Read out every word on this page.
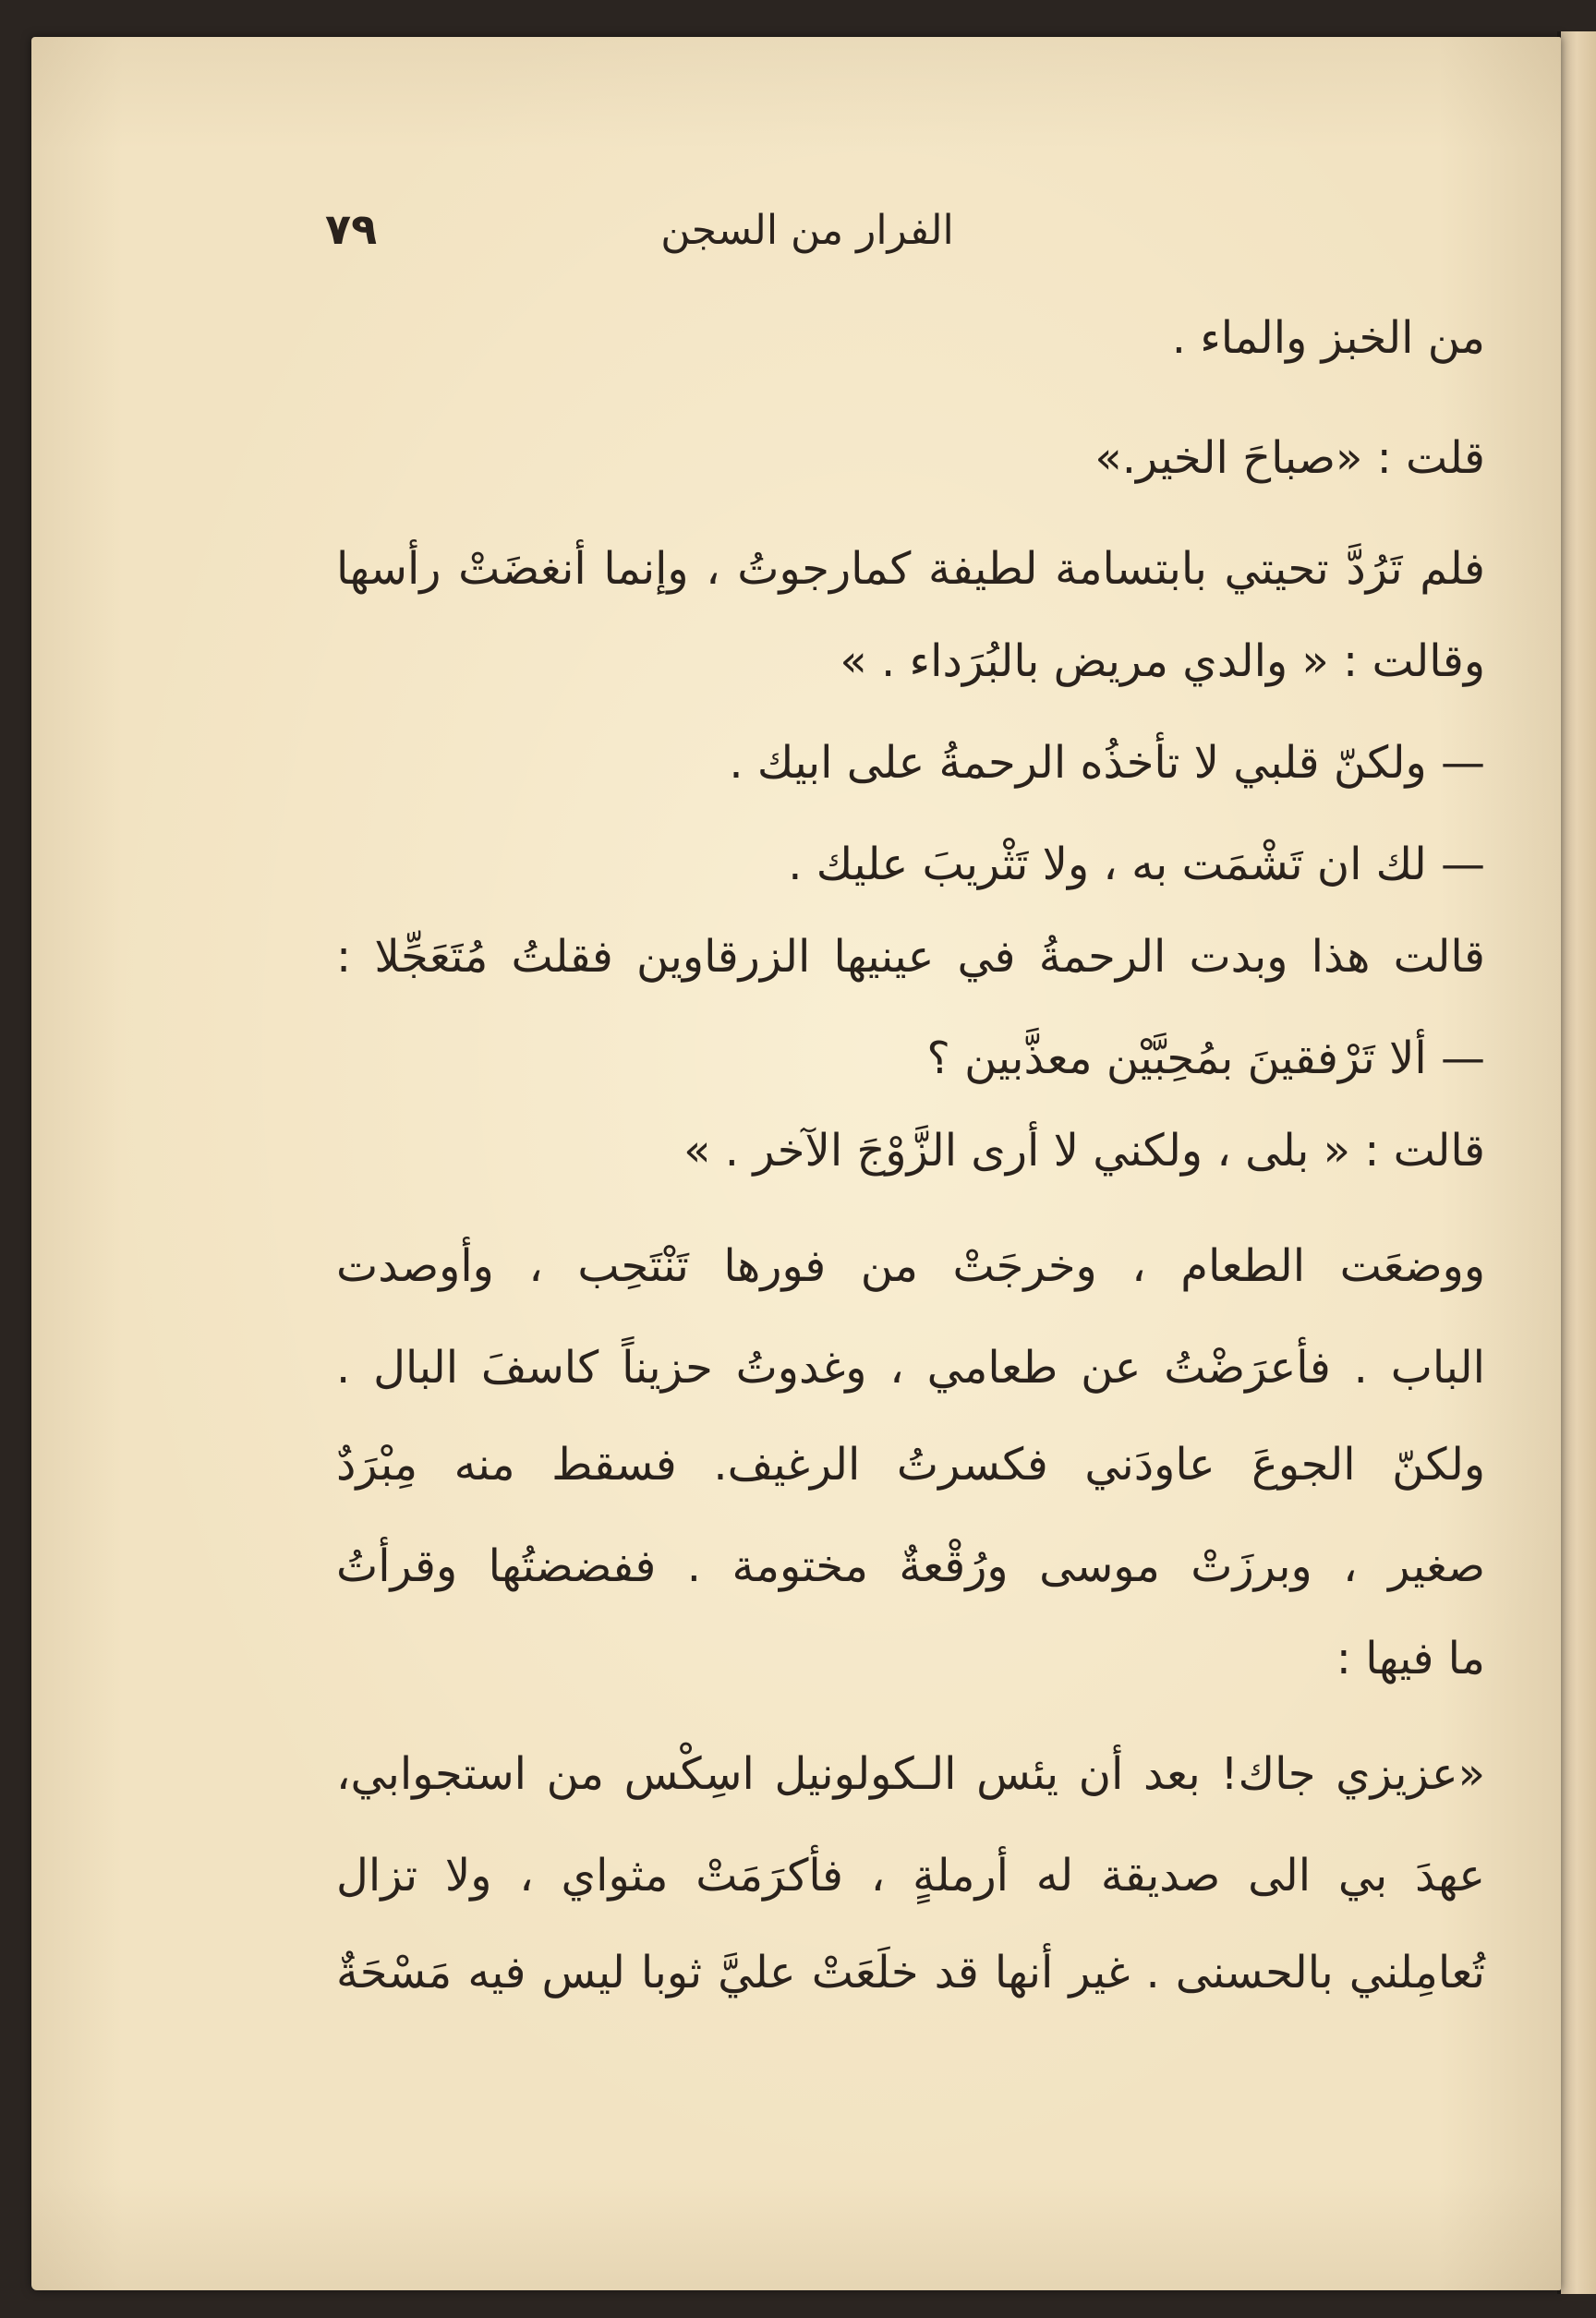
الفرار من السجن
٧٩
من الخبز والماء .
قلت : «صباحَ الخير.»
فلم تَرُدَّ تحيتي بابتسامة لطيفة كمارجوتُ ، وإنما أنغضَتْ رأسها
وقالت : « والدي مريض بالبُرَداء . »
— ولكنّ قلبي لا تأخذُه الرحمةُ على ابيك .
— لك ان تَشْمَت به ، ولا تَثْريبَ عليك .
قالت هذا وبدت الرحمةُ في عينيها الزرقاوين فقلتُ مُتَعَجِّلا :
— ألا تَرْفقينَ بمُحِبَّيْن معذَّبين ؟
قالت : « بلى ، ولكني لا أرى الزَّوْجَ الآخر . »
ووضعَت الطعام ، وخرجَتْ من فورها تَنْتَحِب ، وأوصدت
الباب . فأعرَضْتُ عن طعامي ، وغدوتُ حزيناً كاسفَ البال .
ولكنّ الجوعَ عاودَني فكسرتُ الرغيف. فسقط منه مِبْرَدٌ
صغير ، وبرزَتْ موسى ورُقْعةٌ مختومة . ففضضتُها وقرأتُ
ما فيها :
«عزيزي جاك! بعد أن يئس الـكولونيل اسِكْس من استجوابي،
عهدَ بي الى صديقة له أرملةٍ ، فأكرَمَتْ مثواي ، ولا تزال
تُعامِلني بالحسنى . غير أنها قد خلَعَتْ عليَّ ثوبا ليس فيه مَسْحَةٌ
